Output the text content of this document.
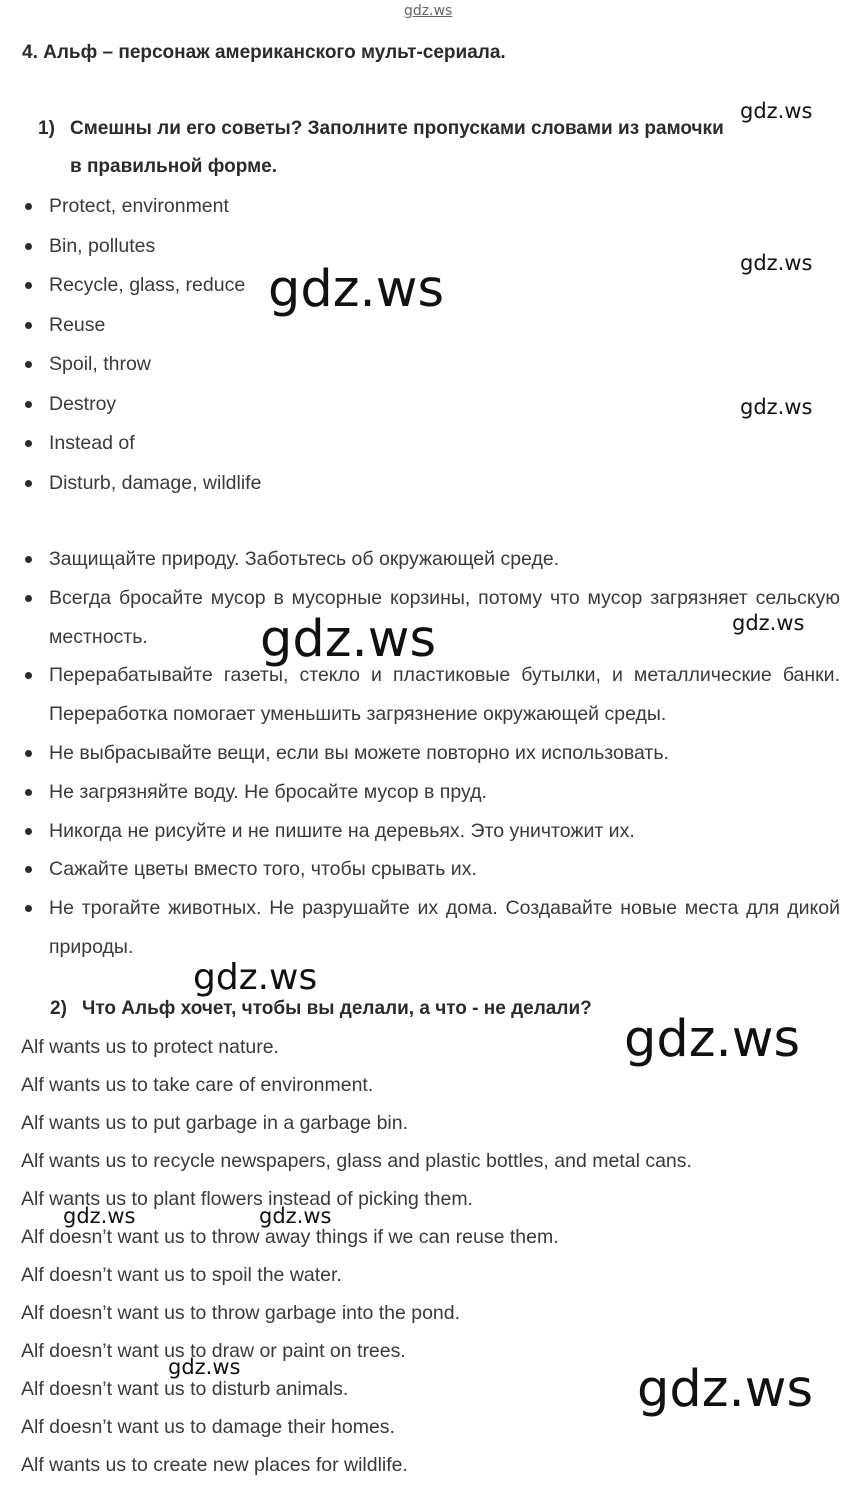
gdz.ws
4. Альф – персонаж американского мульт-сериала.
1) Смешны ли его советы? Заполните пропусками словами из рамочки
в правильной форме.
Protect, environment
Bin, pollutes
Recycle, glass, reduce
Reuse
Spoil, throw
Destroy
Instead of
Disturb, damage, wildlife
Защищайте природу. Заботьтесь об окружающей среде.
Всегда бросайте мусор в мусорные корзины, потому что мусор загрязняет сельскую местность.
Перерабатывайте газеты, стекло и пластиковые бутылки, и металлические банки. Переработка помогает уменьшить загрязнение окружающей среды.
Не выбрасывайте вещи, если вы можете повторно их использовать.
Не загрязняйте воду. Не бросайте мусор в пруд.
Никогда не рисуйте и не пишите на деревьях. Это уничтожит их.
Сажайте цветы вместо того, чтобы срывать их.
Не трогайте животных. Не разрушайте их дома. Создавайте новые места для дикой природы.
2) Что Альф хочет, чтобы вы делали, а что - не делали?
Alf wants us to protect nature.
Alf wants us to take care of environment.
Alf wants us to put garbage in a garbage bin.
Alf wants us to recycle newspapers, glass and plastic bottles, and metal cans.
Alf wants us to plant flowers instead of picking them.
Alf doesn’t want us to throw away things if we can reuse them.
Alf doesn’t want us to spoil the water.
Alf doesn’t want us to throw garbage into the pond.
Alf doesn’t want us to draw or paint on trees.
Alf doesn’t want us to disturb animals.
Alf doesn’t want us to damage their homes.
Alf wants us to create new places for wildlife.
gdz.ws
gdz.ws
gdz.ws
gdz.ws
gdz.ws
gdz.ws
gdz.ws
gdz.ws
gdz.ws	gdz.ws
gdz.ws	gdz.ws
